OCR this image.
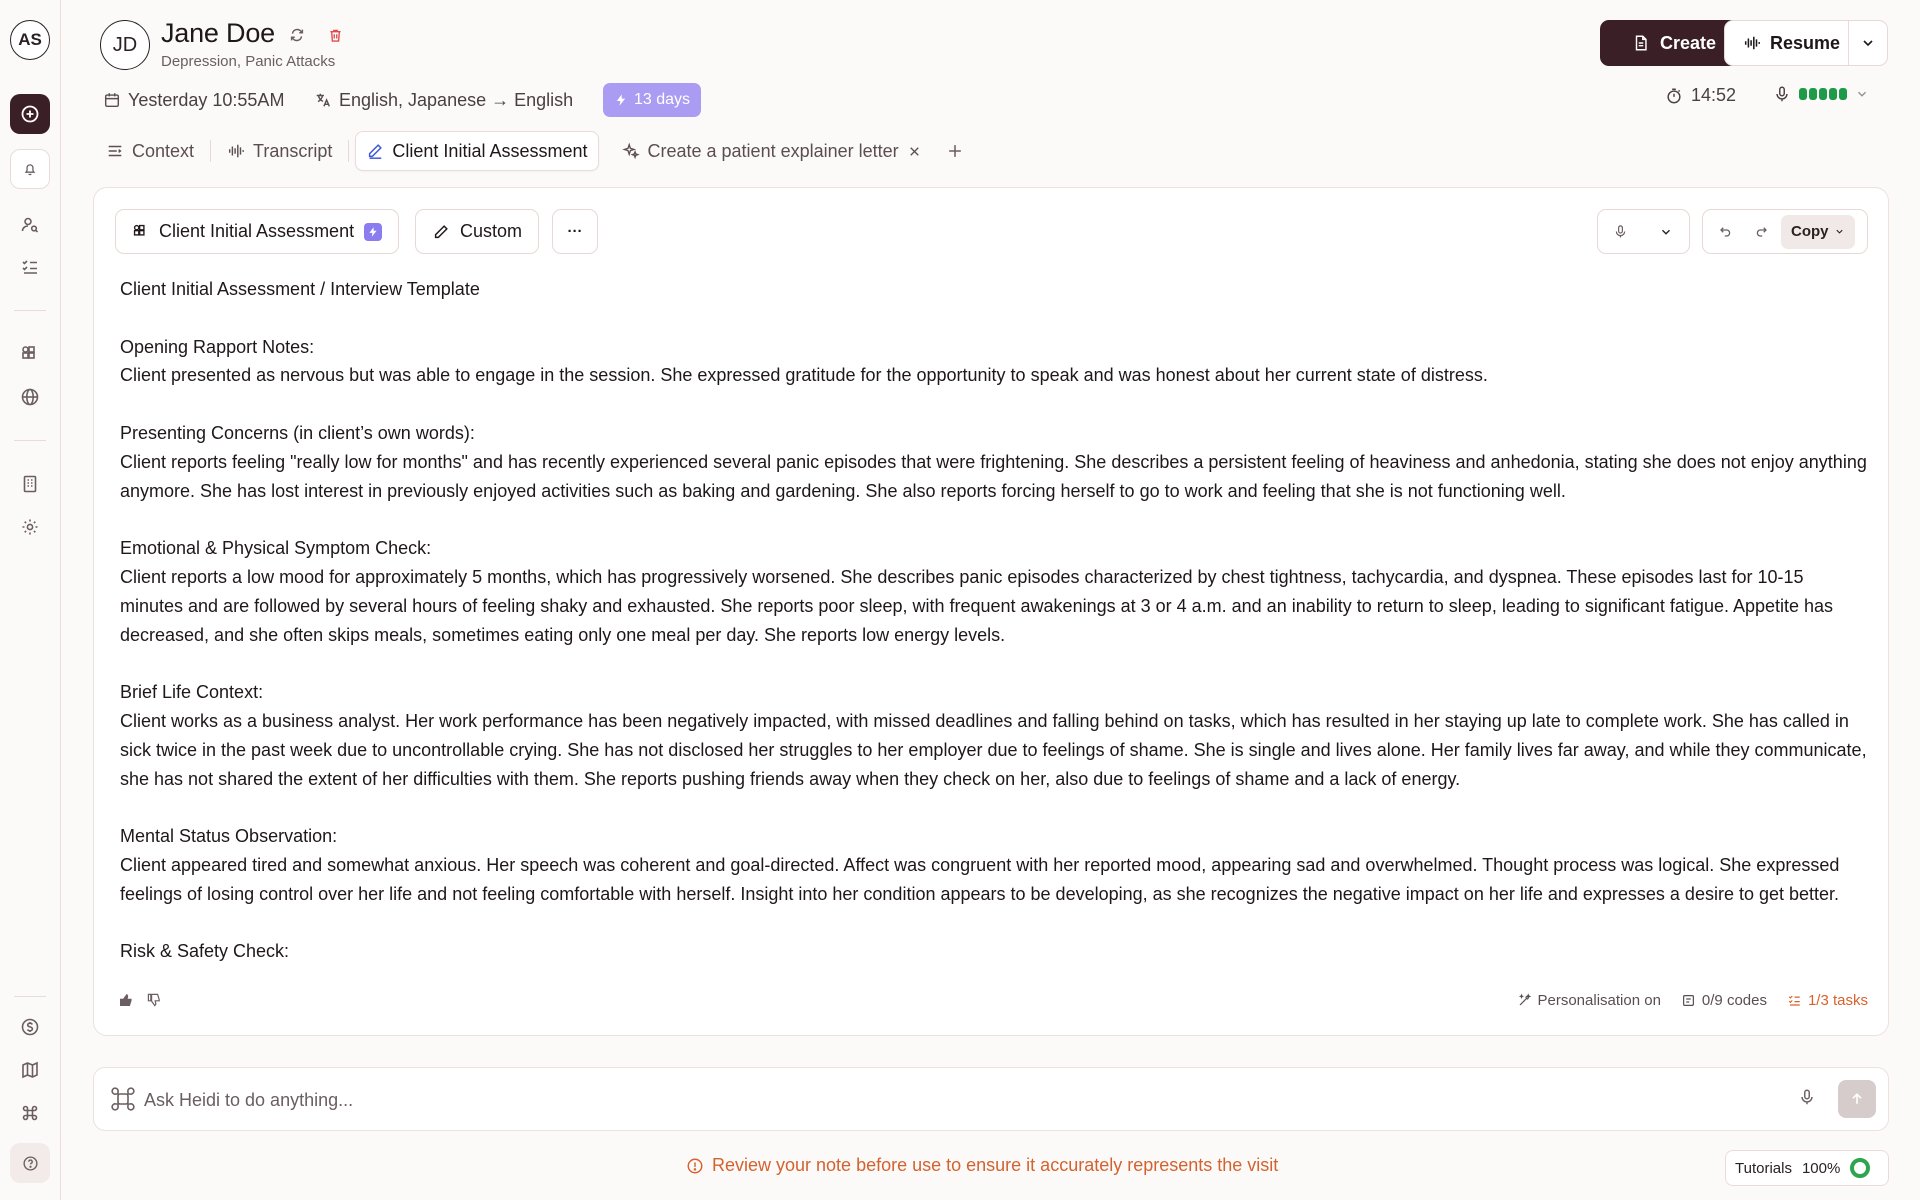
AS	JD Jane Doe
Depression, Panic Attacks
Yesterday 10:55AM	English, Japanese → English	13 days
Create	Resume
14:52
Context	Transcript	Client Initial Assessment	Create a patient explainer letter
Client Initial Assessment	Custom	···	Copy

Client Initial Assessment / Interview Template

Opening Rapport Notes:

Client presented as nervous but was able to engage in the session. She expressed gratitude for the opportunity to speak and was honest about her current state of distress.

Presenting Concerns (in client’s own words):

Client reports feeling "really low for months" and has recently experienced several panic episodes that were frightening. She describes a persistent feeling of heaviness and anhedonia, stating she does not enjoy anything anymore. She has lost interest in previously enjoyed activities such as baking and gardening. She also reports forcing herself to go to work and feeling that she is not functioning well.

Emotional & Physical Symptom Check:

Client reports a low mood for approximately 5 months, which has progressively worsened. She describes panic episodes characterized by chest tightness, tachycardia, and dyspnea. These episodes last for 10-15 minutes and are followed by several hours of feeling shaky and exhausted. She reports poor sleep, with frequent awakenings at 3 or 4 a.m. and an inability to return to sleep, leading to significant fatigue. Appetite has decreased, and she often skips meals, sometimes eating only one meal per day. She reports low energy levels.

Brief Life Context:

Client works as a business analyst. Her work performance has been negatively impacted, with missed deadlines and falling behind on tasks, which has resulted in her staying up late to complete work. She has called in sick twice in the past week due to uncontrollable crying. She has not disclosed her struggles to her employer due to feelings of shame. She is single and lives alone. Her family lives far away, and while they communicate, she has not shared the extent of her difficulties with them. She reports pushing friends away when they check on her, also due to feelings of shame and a lack of energy.

Mental Status Observation:

Client appeared tired and somewhat anxious. Her speech was coherent and goal-directed. Affect was congruent with her reported mood, appearing sad and overwhelmed. Thought process was logical. She expressed feelings of losing control over her life and not feeling comfortable with herself. Insight into her condition appears to be developing, as she recognizes the negative impact on her life and expresses a desire to get better.

Risk & Safety Check:

Personalisation on	0/9 codes	1/3 tasks
Ask Heidi to do anything...
Review your note before use to ensure it accurately represents the visit	Tutorials 100%
